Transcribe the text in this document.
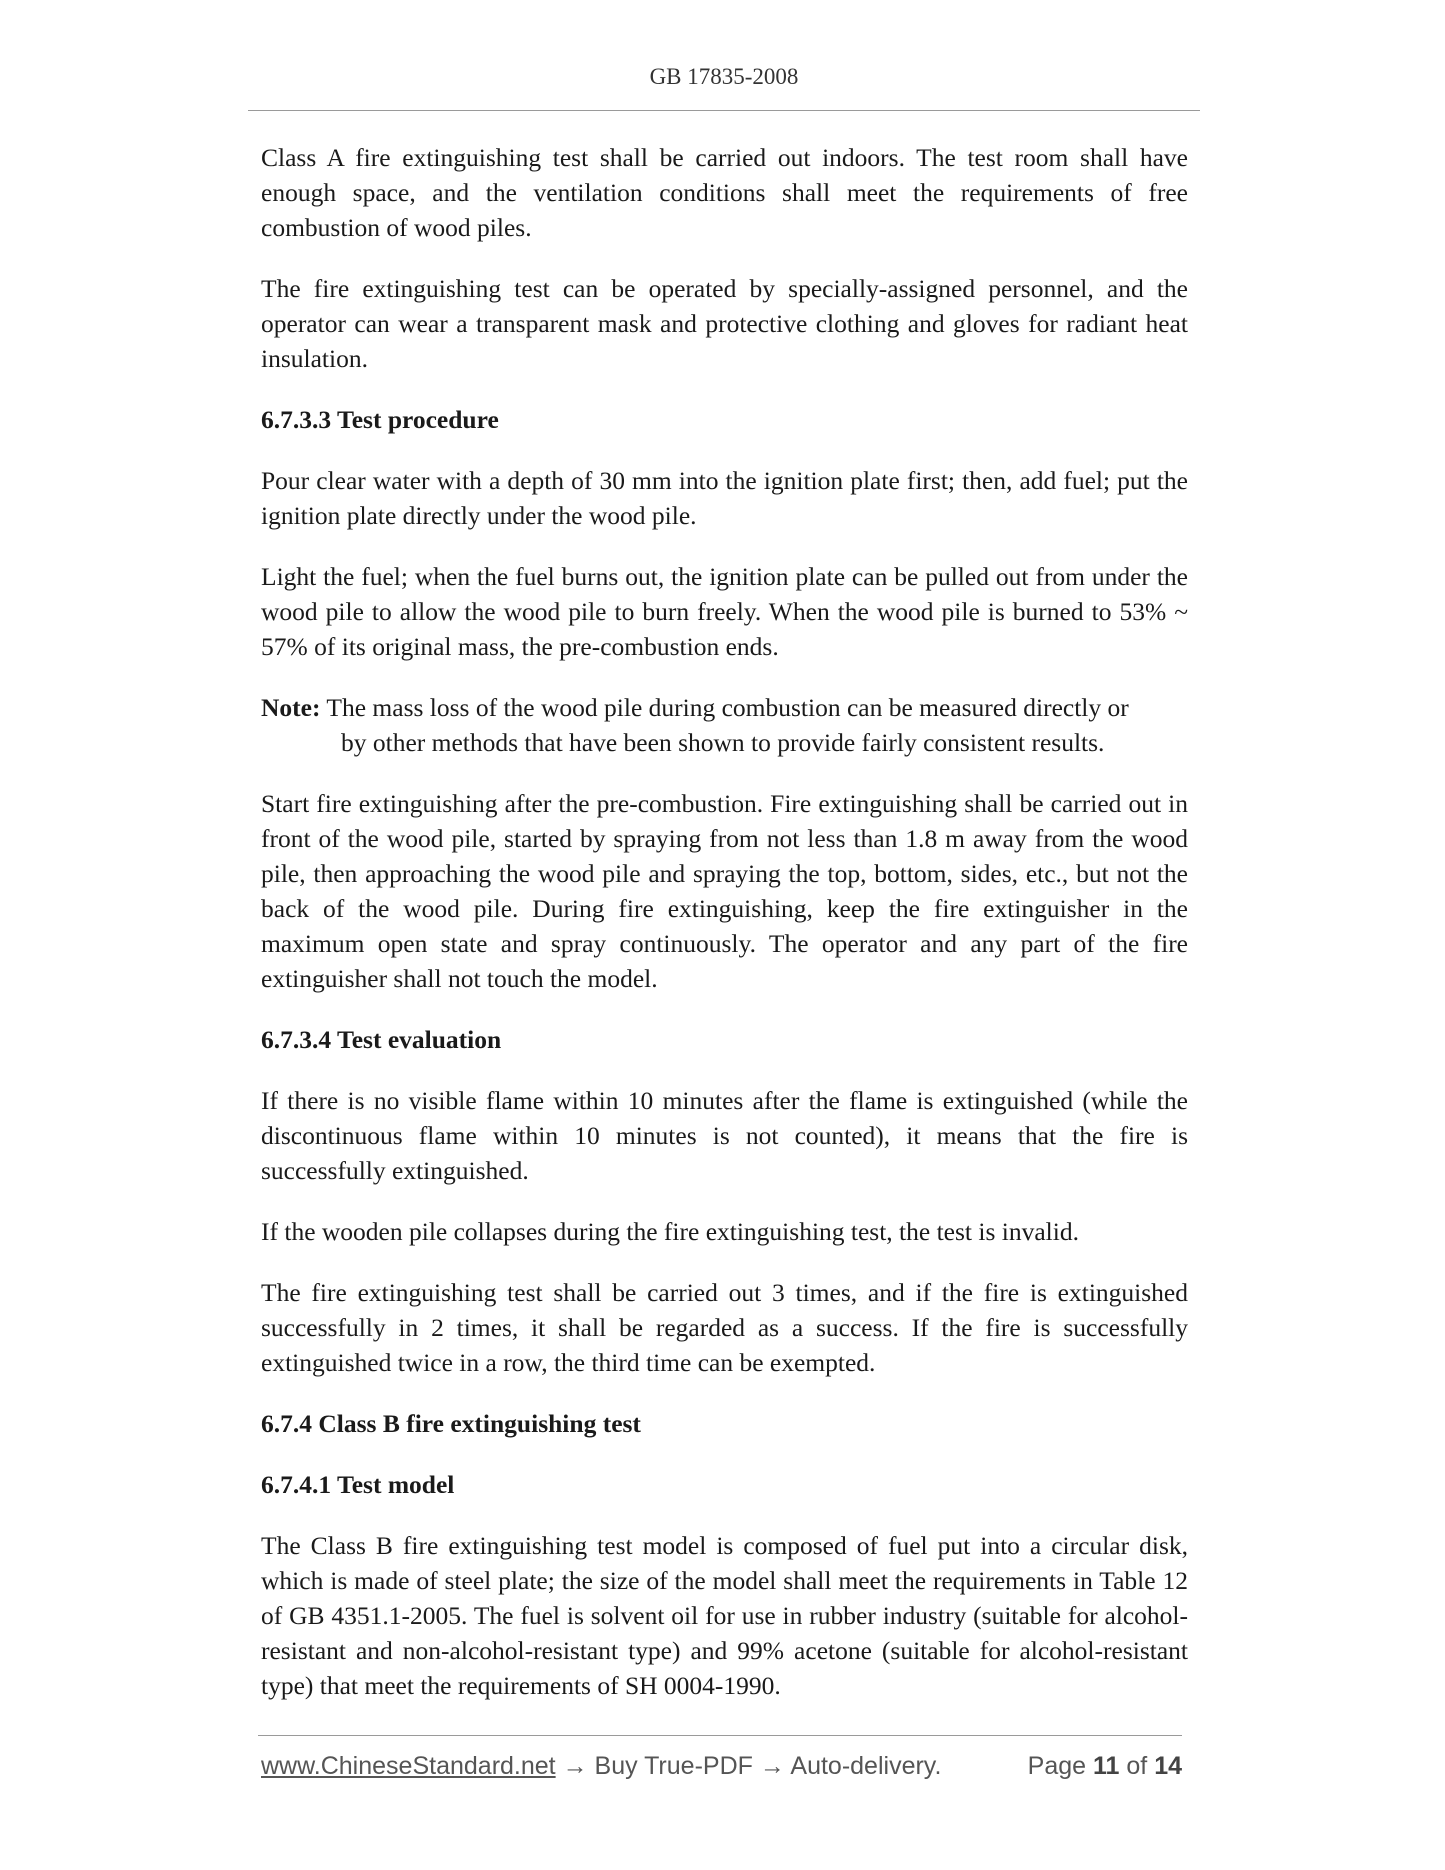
GB 17835-2008

Class A fire extinguishing test shall be carried out indoors. The test room shall have enough space, and the ventilation conditions shall meet the requirements of free combustion of wood piles.

The fire extinguishing test can be operated by specially-assigned personnel, and the operator can wear a transparent mask and protective clothing and gloves for radiant heat insulation.

6.7.3.3 Test procedure

Pour clear water with a depth of 30 mm into the ignition plate first; then, add fuel; put the ignition plate directly under the wood pile.

Light the fuel; when the fuel burns out, the ignition plate can be pulled out from under the wood pile to allow the wood pile to burn freely. When the wood pile is burned to 53% ~ 57% of its original mass, the pre-combustion ends.

Note: The mass loss of the wood pile during combustion can be measured directly or
by other methods that have been shown to provide fairly consistent results.

Start fire extinguishing after the pre-combustion. Fire extinguishing shall be carried out in front of the wood pile, started by spraying from not less than 1.8 m away from the wood pile, then approaching the wood pile and spraying the top, bottom, sides, etc., but not the back of the wood pile. During fire extinguishing, keep the fire extinguisher in the maximum open state and spray continuously. The operator and any part of the fire extinguisher shall not touch the model.

6.7.3.4 Test evaluation

If there is no visible flame within 10 minutes after the flame is extinguished (while the discontinuous flame within 10 minutes is not counted), it means that the fire is successfully extinguished.

If the wooden pile collapses during the fire extinguishing test, the test is invalid.

The fire extinguishing test shall be carried out 3 times, and if the fire is extinguished successfully in 2 times, it shall be regarded as a success. If the fire is successfully extinguished twice in a row, the third time can be exempted.

6.7.4 Class B fire extinguishing test
6.7.4.1 Test model

The Class B fire extinguishing test model is composed of fuel put into a circular disk, which is made of steel plate; the size of the model shall meet the requirements in Table 12 of GB 4351.1-2005. The fuel is solvent oil for use in rubber industry (suitable for alcohol-resistant and non-alcohol-resistant type) and 99% acetone (suitable for alcohol-resistant type) that meet the requirements of SH 0004-1990.

www.ChineseStandard.net → Buy True-PDF → Auto-delivery.	Page 11 of 14
